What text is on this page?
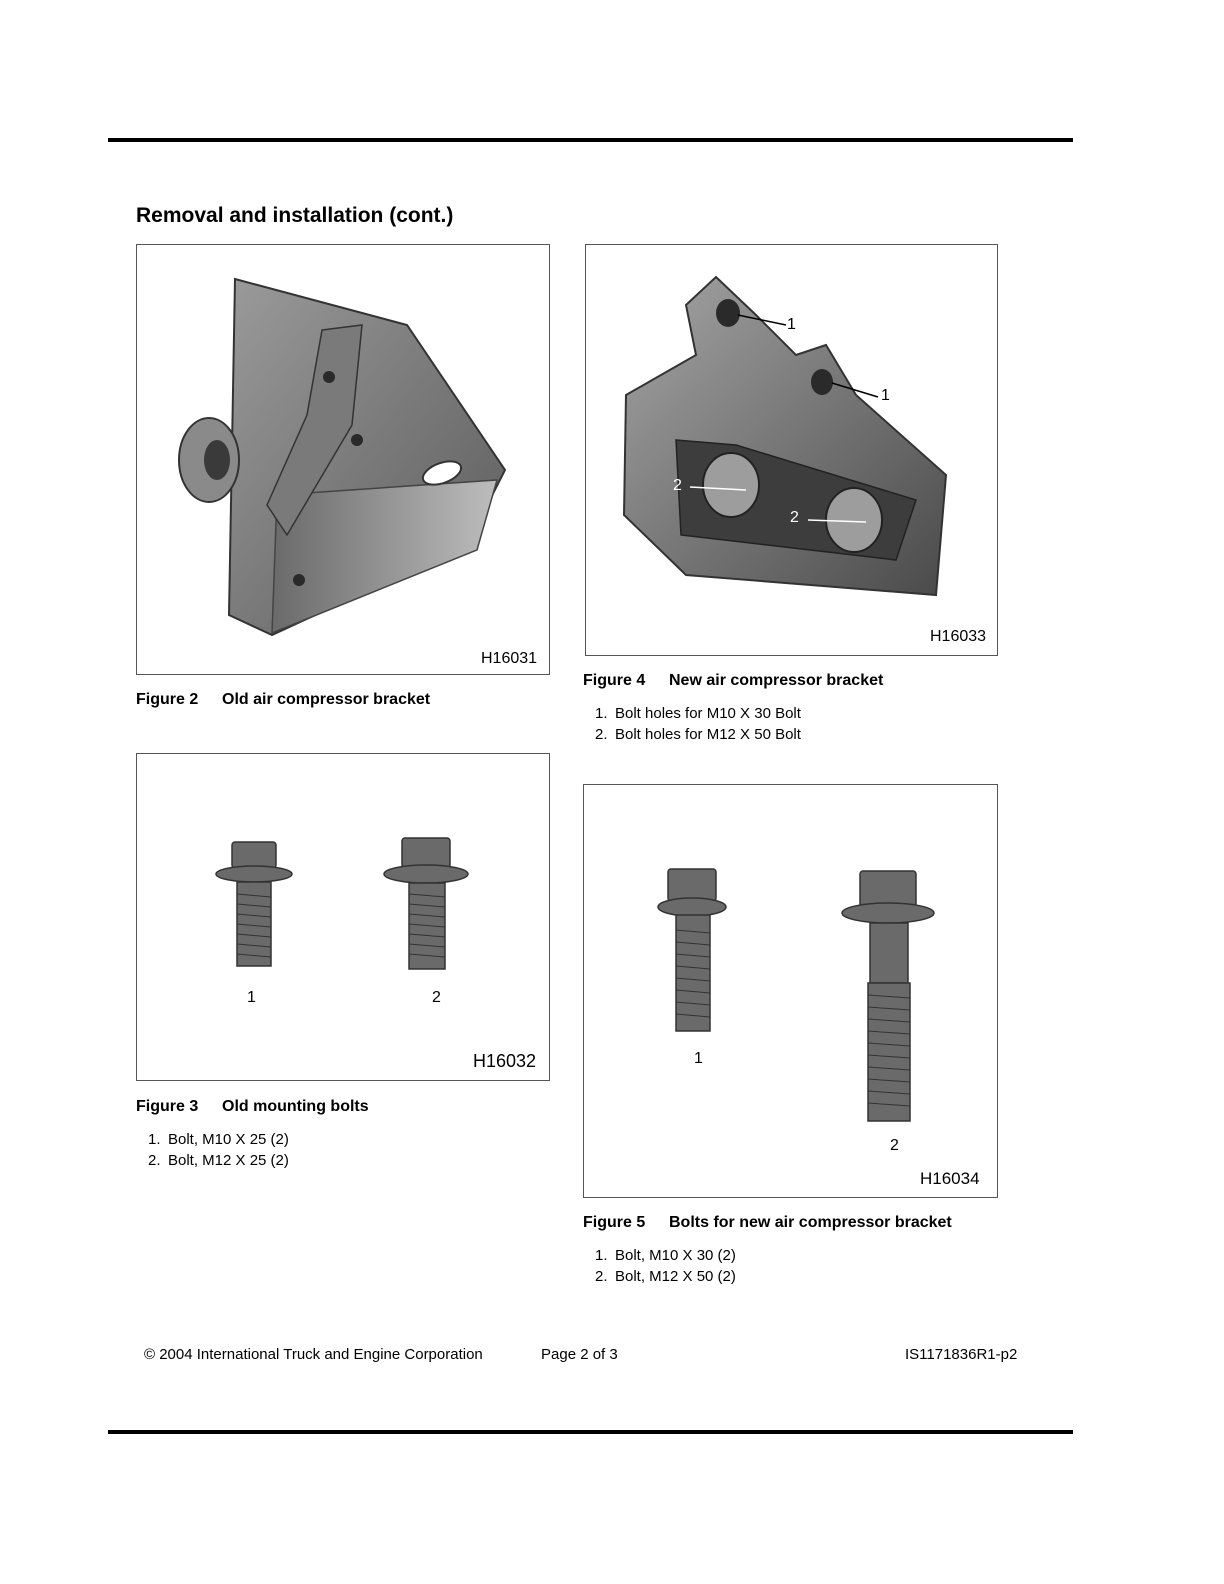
Removal and installation (cont.)
H16031
Figure 2 Old air compressor bracket
1
1
2
2
H16033
Figure 4 New air compressor bracket
1. Bolt holes for M10 X 30 Bolt
2. Bolt holes for M12 X 50 Bolt
1	2
H16032
Figure 3 Old mounting bolts
1. Bolt, M10 X 25 (2)
2. Bolt, M12 X 25 (2)
1
2
H16034
Figure 5 Bolts for new air compressor bracket
1. Bolt, M10 X 30 (2)
2. Bolt, M12 X 50 (2)
© 2004 International Truck and Engine Corporation	Page 2 of 3	IS1171836R1-p2
